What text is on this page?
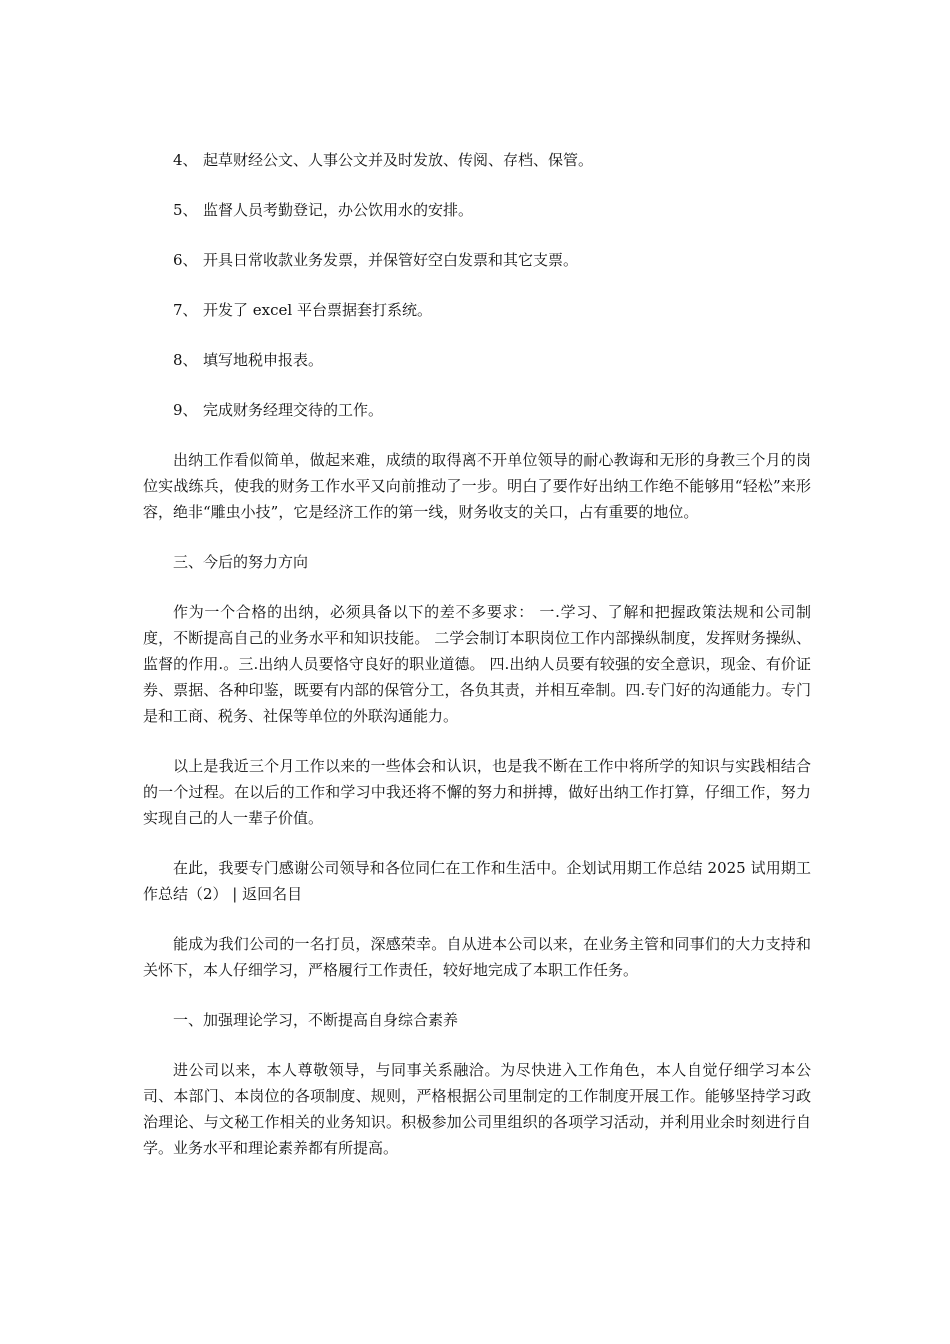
4、 起草财经公文、人事公文并及时发放、传阅、存档、保管。
5、 监督人员考勤登记，办公饮用水的安排。
6、 开具日常收款业务发票，并保管好空白发票和其它支票。
7、 开发了 excel 平台票据套打系统。
8、 填写地税申报表。
9、 完成财务经理交待的工作。

出纳工作看似简单，做起来难，成绩的取得离不开单位领导的耐心教诲和无形的身教三个月的岗位实战练兵，使我的财务工作水平又向前推动了一步。明白了要作好出纳工作绝不能够用“轻松”来形容，绝非“雕虫小技”，它是经济工作的第一线，财务收支的关口，占有重要的地位。

三、今后的努力方向

作为一个合格的出纳，必须具备以下的差不多要求： 一.学习、了解和把握政策法规和公司制度，不断提高自己的业务水平和知识技能。 二学会制订本职岗位工作内部操纵制度，发挥财务操纵、监督的作用.。三.出纳人员要恪守良好的职业道德。 四.出纳人员要有较强的安全意识，现金、有价证券、票据、各种印鉴，既要有内部的保管分工，各负其责，并相互牵制。四.专门好的沟通能力。专门是和工商、税务、社保等单位的外联沟通能力。

以上是我近三个月工作以来的一些体会和认识，也是我不断在工作中将所学的知识与实践相结合的一个过程。在以后的工作和学习中我还将不懈的努力和拼搏，做好出纳工作打算，仔细工作，努力实现自己的人一辈子价值。

在此，我要专门感谢公司领导和各位同仁在工作和生活中。企划试用期工作总结 2025 试用期工作总结（2） | 返回名目

能成为我们公司的一名打员，深感荣幸。自从进本公司以来，在业务主管和同事们的大力支持和关怀下，本人仔细学习，严格履行工作责任，较好地完成了本职工作任务。

一、加强理论学习，不断提高自身综合素养

进公司以来，本人尊敬领导，与同事关系融洽。为尽快进入工作角色，本人自觉仔细学习本公司、本部门、本岗位的各项制度、规则，严格根据公司里制定的工作制度开展工作。能够坚持学习政治理论、与文秘工作相关的业务知识。积极参加公司里组织的各项学习活动，并利用业余时刻进行自学。业务水平和理论素养都有所提高。
